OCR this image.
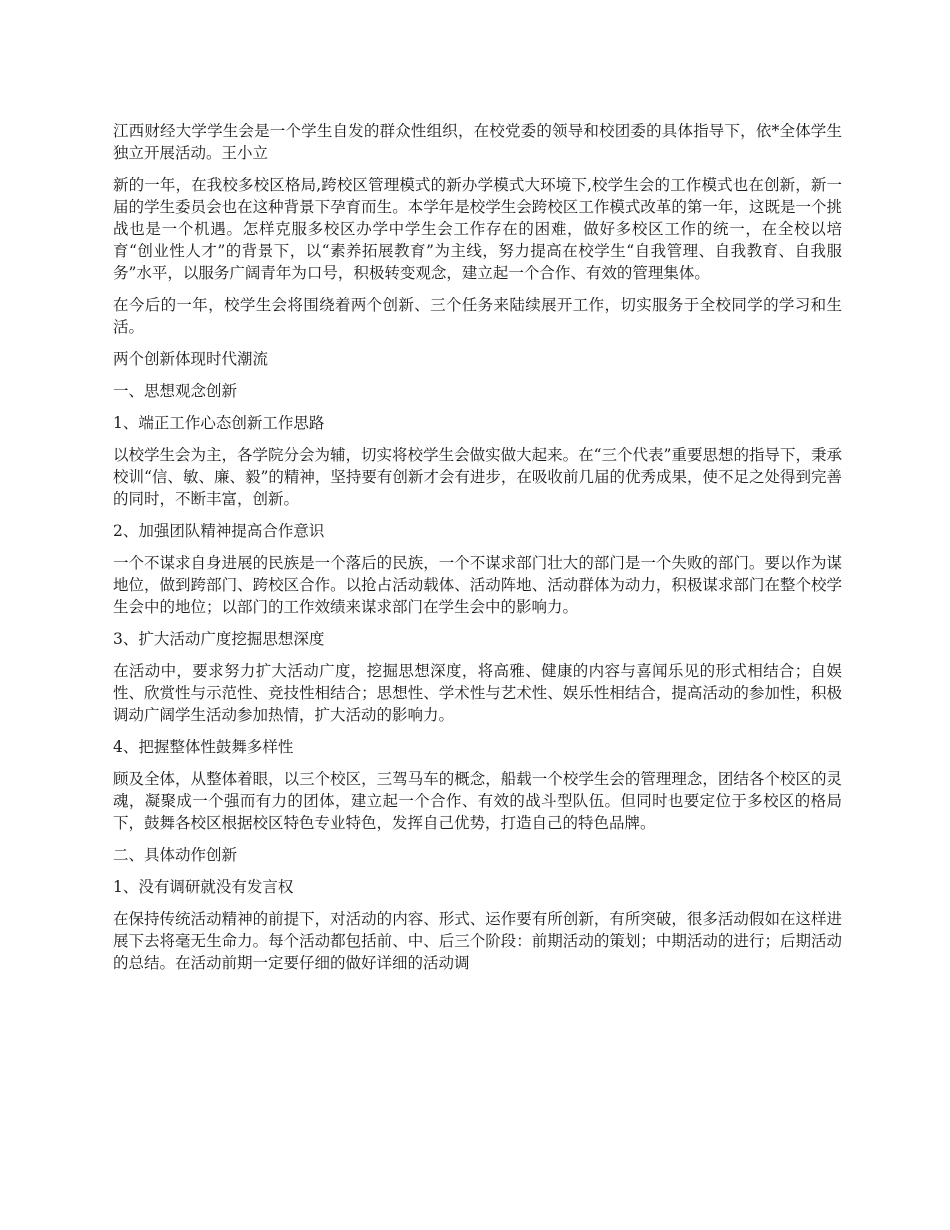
江西财经大学学生会是一个学生自发的群众性组织，在校党委的领导和校团委的具体指导下，依*全体学生独立开展活动。王小立

新的一年，在我校多校区格局,跨校区管理模式的新办学模式大环境下,校学生会的工作模式也在创新，新一届的学生委员会也在这种背景下孕育而生。本学年是校学生会跨校区工作模式改革的第一年，这既是一个挑战也是一个机遇。怎样克服多校区办学中学生会工作存在的困难，做好多校区工作的统一，在全校以培育“创业性人才”的背景下，以“素养拓展教育”为主线，努力提高在校学生“自我管理、自我教育、自我服务”水平，以服务广阔青年为口号，积极转变观念，建立起一个合作、有效的管理集体。

在今后的一年，校学生会将围绕着两个创新、三个任务来陆续展开工作，切实服务于全校同学的学习和生活。

两个创新体现时代潮流

一、思想观念创新

1、端正工作心态创新工作思路

以校学生会为主，各学院分会为辅，切实将校学生会做实做大起来。在“三个代表”重要思想的指导下，秉承校训“信、敏、廉、毅”的精神，坚持要有创新才会有进步，在吸收前几届的优秀成果，使不足之处得到完善的同时，不断丰富，创新。

2、加强团队精神提高合作意识

一个不谋求自身进展的民族是一个落后的民族，一个不谋求部门壮大的部门是一个失败的部门。要以作为谋地位，做到跨部门、跨校区合作。以抢占活动载体、活动阵地、活动群体为动力，积极谋求部门在整个校学生会中的地位；以部门的工作效绩来谋求部门在学生会中的影响力。

3、扩大活动广度挖掘思想深度

在活动中，要求努力扩大活动广度，挖掘思想深度，将高雅、健康的内容与喜闻乐见的形式相结合；自娱性、欣赏性与示范性、竞技性相结合；思想性、学术性与艺术性、娱乐性相结合，提高活动的参加性，积极调动广阔学生活动参加热情，扩大活动的影响力。

4、把握整体性鼓舞多样性

顾及全体，从整体着眼，以三个校区，三驾马车的概念，船载一个校学生会的管理理念，团结各个校区的灵魂，凝聚成一个强而有力的团体，建立起一个合作、有效的战斗型队伍。但同时也要定位于多校区的格局下，鼓舞各校区根据校区特色专业特色，发挥自己优势，打造自己的特色品牌。

二、具体动作创新

1、没有调研就没有发言权

在保持传统活动精神的前提下，对活动的内容、形式、运作要有所创新，有所突破，很多活动假如在这样进展下去将毫无生命力。每个活动都包括前、中、后三个阶段：前期活动的策划；中期活动的进行；后期活动的总结。在活动前期一定要仔细的做好详细的活动调
